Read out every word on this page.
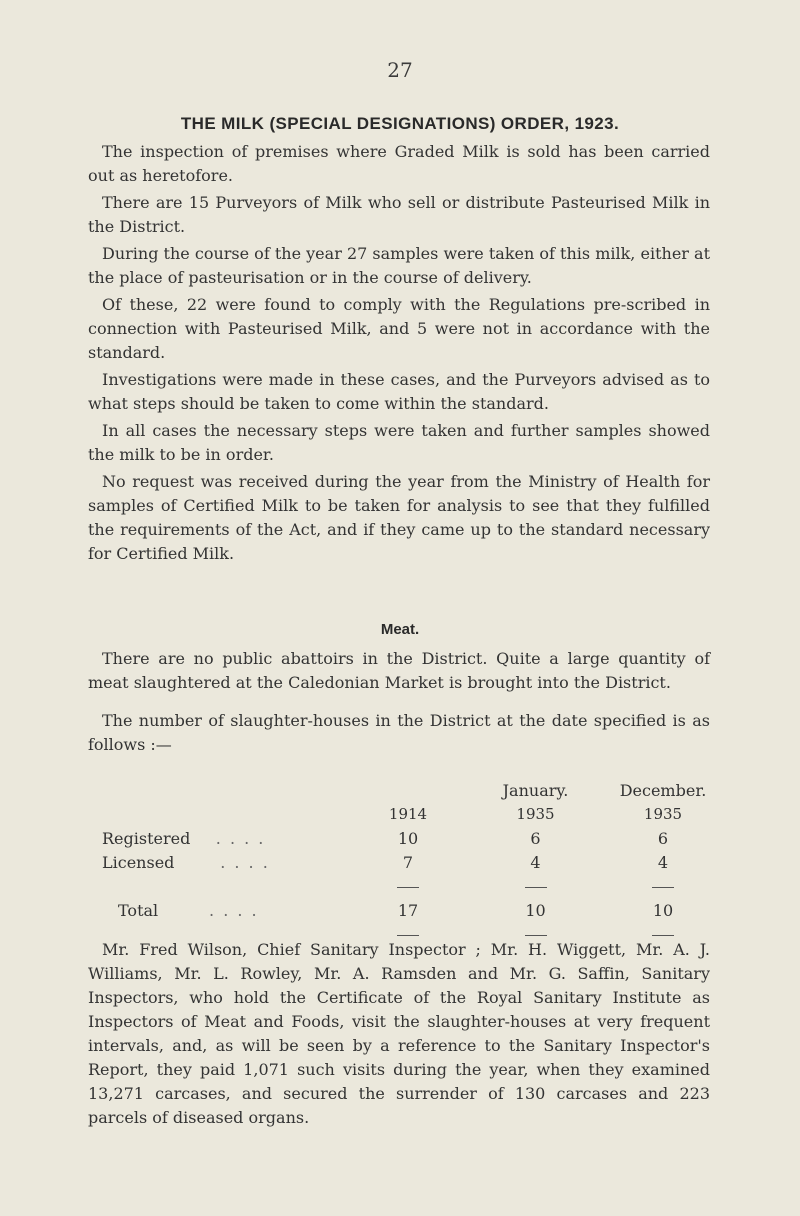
27
THE MILK (SPECIAL DESIGNATIONS) ORDER, 1923.

The inspection of premises where Graded Milk is sold has been carried out as heretofore.

There are 15 Purveyors of Milk who sell or distribute Pasteurised Milk in the District.

During the course of the year 27 samples were taken of this milk, either at the place of pasteurisation or in the course of delivery.

Of these, 22 were found to comply with the Regulations pre-scribed in connection with Pasteurised Milk, and 5 were not in accordance with the standard.

Investigations were made in these cases, and the Purveyors advised as to what steps should be taken to come within the standard.

In all cases the necessary steps were taken and further samples showed the milk to be in order.

No request was received during the year from the Ministry of Health for samples of Certified Milk to be taken for analysis to see that they fulfilled the requirements of the Act, and if they came up to the standard necessary for Certified Milk.

Meat.

There are no public abattoirs in the District. Quite a large quantity of meat slaughtered at the Caledonian Market is brought into the District.

The number of slaughter-houses in the District at the date specified is as follows :—

		January.	December.
	1914	1935	1935
Registered . . . .	10	6	6
Licensed . . . .	7	4	4

Total . . . .	17	10	10

Mr. Fred Wilson, Chief Sanitary Inspector ; Mr. H. Wiggett, Mr. A. J. Williams, Mr. L. Rowley, Mr. A. Ramsden and Mr. G. Saffin, Sanitary Inspectors, who hold the Certificate of the Royal Sanitary Institute as Inspectors of Meat and Foods, visit the slaughter-houses at very frequent intervals, and, as will be seen by a reference to the Sanitary Inspector's Report, they paid 1,071 such visits during the year, when they examined 13,271 carcases, and secured the surrender of 130 carcases and 223 parcels of diseased organs.
